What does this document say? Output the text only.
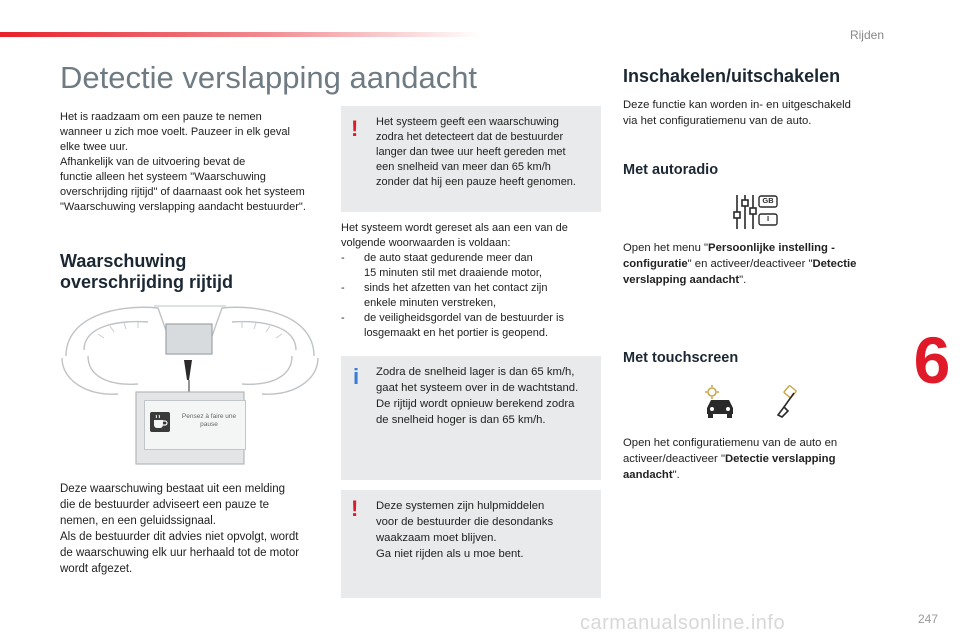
Rijden
6
247
carmanualsonline.info
Detectie verslapping aandacht
Het is raadzaam om een pauze te nemen
wanneer u zich moe voelt. Pauzeer in elk geval
elke twee uur.
Afhankelijk van de uitvoering bevat de
functie alleen het systeem "Waarschuwing
overschrijding rijtijd" of daarnaast ook het systeem
"Waarschuwing verslapping aandacht bestuurder".
Waarschuwing
overschrijding rijtijd
Pensez à faire une
pause
Deze waarschuwing bestaat uit een melding
die de bestuurder adviseert een pauze te
nemen, en een geluidssignaal.
Als de bestuurder dit advies niet opvolgt, wordt
de waarschuwing elk uur herhaald tot de motor
wordt afgezet.
! Het systeem geeft een waarschuwing
zodra het detecteert dat de bestuurder
langer dan twee uur heeft gereden met
een snelheid van meer dan 65 km/h
zonder dat hij een pauze heeft genomen.
Het systeem wordt gereset als aan een van de
volgende woorwaarden is voldaan:
-	de auto staat gedurende meer dan
15 minuten stil met draaiende motor,
-	sinds het afzetten van het contact zijn
enkele minuten verstreken,
-	de veiligheidsgordel van de bestuurder is
losgemaakt en het portier is geopend.
i Zodra de snelheid lager is dan 65 km/h,
gaat het systeem over in de wachtstand.
De rijtijd wordt opnieuw berekend zodra
de snelheid hoger is dan 65 km/h.
! Deze systemen zijn hulpmiddelen
voor de bestuurder die desondanks
waakzaam moet blijven.
Ga niet rijden als u moe bent.
Inschakelen/uitschakelen
Deze functie kan worden in- en uitgeschakeld
via het configuratiemenu van de auto.
Met autoradio
GB
I
Open het menu "Persoonlijke instelling -
configuratie" en activeer/deactiveer "Detectie
verslapping aandacht".
Met touchscreen
Open het configuratiemenu van de auto en
activeer/deactiveer "Detectie verslapping
aandacht".
